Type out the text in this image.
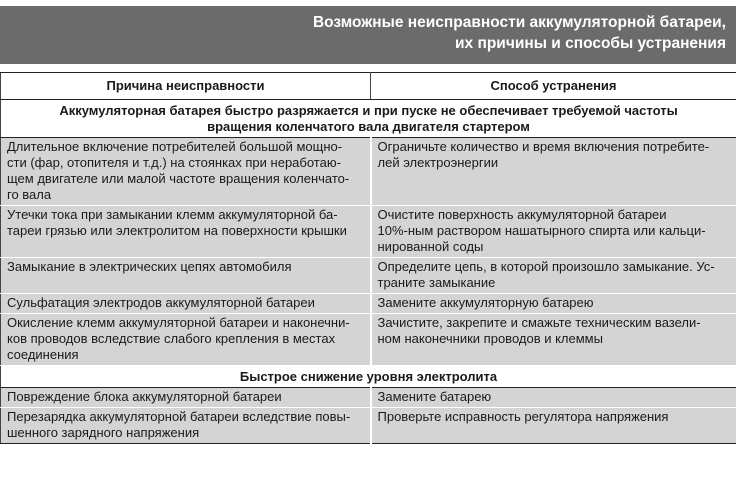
Возможные неисправности аккумуляторной батареи,
их причины и способы устранения
Причина неисправности	Способ устранения

Аккумуляторная батарея быстро разряжается и при пуске не обеспечивает требуемой частоты
вращения коленчатого вала двигателя стартером	

Длительное включение потребителей большой мощно-
сти (фар, отопителя и т.д.) на стоянках при неработаю-
щем двигателе или малой частоте вращения коленчато-
го вала	Ограничьте количество и время включения потребите-
лей электроэнергии

Утечки тока при замыкании клемм аккумуляторной ба-
тареи грязью или электролитом на поверхности крышки	Очистите поверхность аккумуляторной батареи
10%-ным раствором нашатырного спирта или кальци-
нированной соды

Замыкание в электрических цепях автомобиля	Определите цепь, в которой произошло замыкание. Ус-
траните замыкание

Сульфатация электродов аккумуляторной батареи	Замените аккумуляторную батарею

Окисление клемм аккумуляторной батареи и наконечни-
ков проводов вследствие слабого крепления в местах
соединения	Зачистите, закрепите и смажьте техническим вазели-
ном наконечники проводов и клеммы

Быстрое снижение уровня электролита	

Повреждение блока аккумуляторной батареи	Замените батарею

Перезарядка аккумуляторной батареи вследствие повы-
шенного зарядного напряжения	Проверьте исправность регулятора напряжения
